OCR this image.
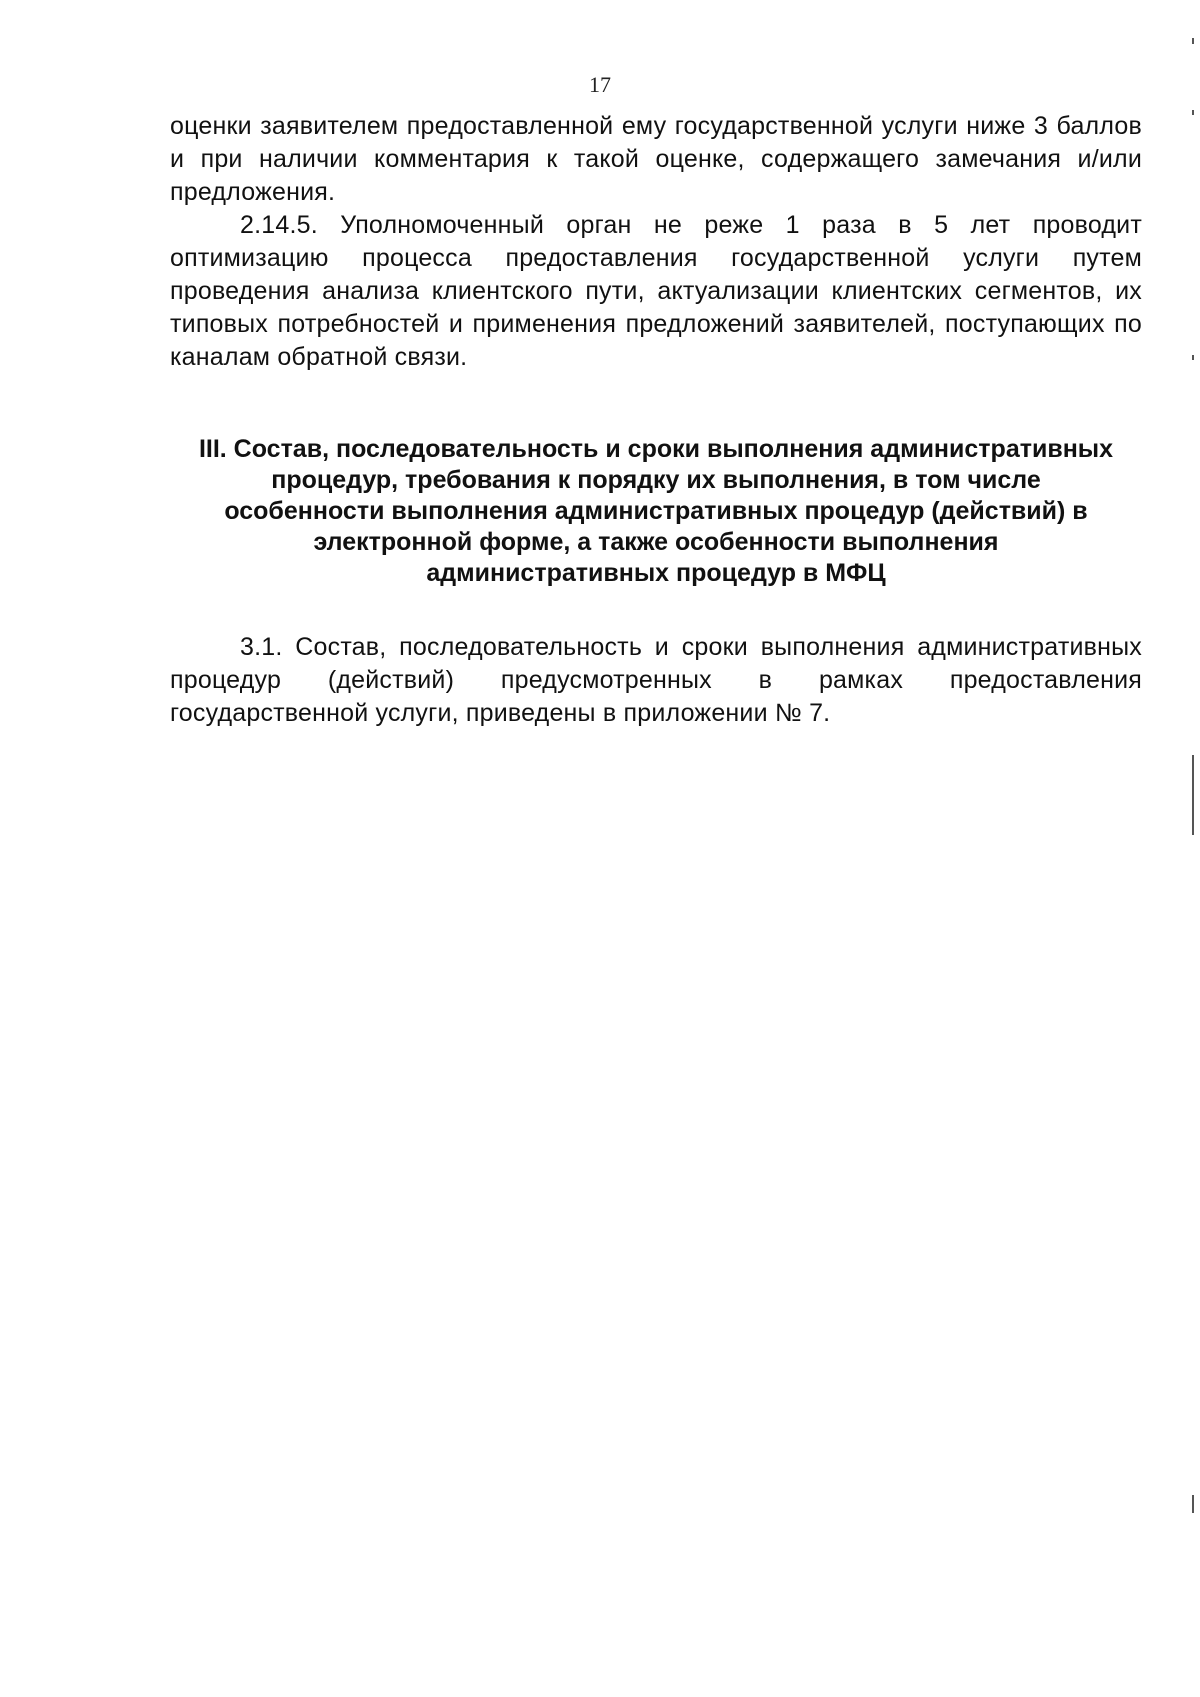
17

оценки заявителем предоставленной ему государственной услуги ниже 3 баллов и при наличии комментария к такой оценке, содержащего замечания и/или предложения.

2.14.5. Уполномоченный орган не реже 1 раза в 5 лет проводит оптимизацию процесса предоставления государственной услуги путем проведения анализа клиентского пути, актуализации клиентских сегментов, их типовых потребностей и применения предложений заявителей, поступающих по каналам обратной связи.

III. Состав, последовательность и сроки выполнения административных процедур, требования к порядку их выполнения, в том числе особенности выполнения административных процедур (действий) в электронной форме, а также особенности выполнения административных процедур в МФЦ

3.1. Состав, последовательность и сроки выполнения административных процедур (действий) предусмотренных в рамках предоставления государственной услуги, приведены в приложении № 7.
